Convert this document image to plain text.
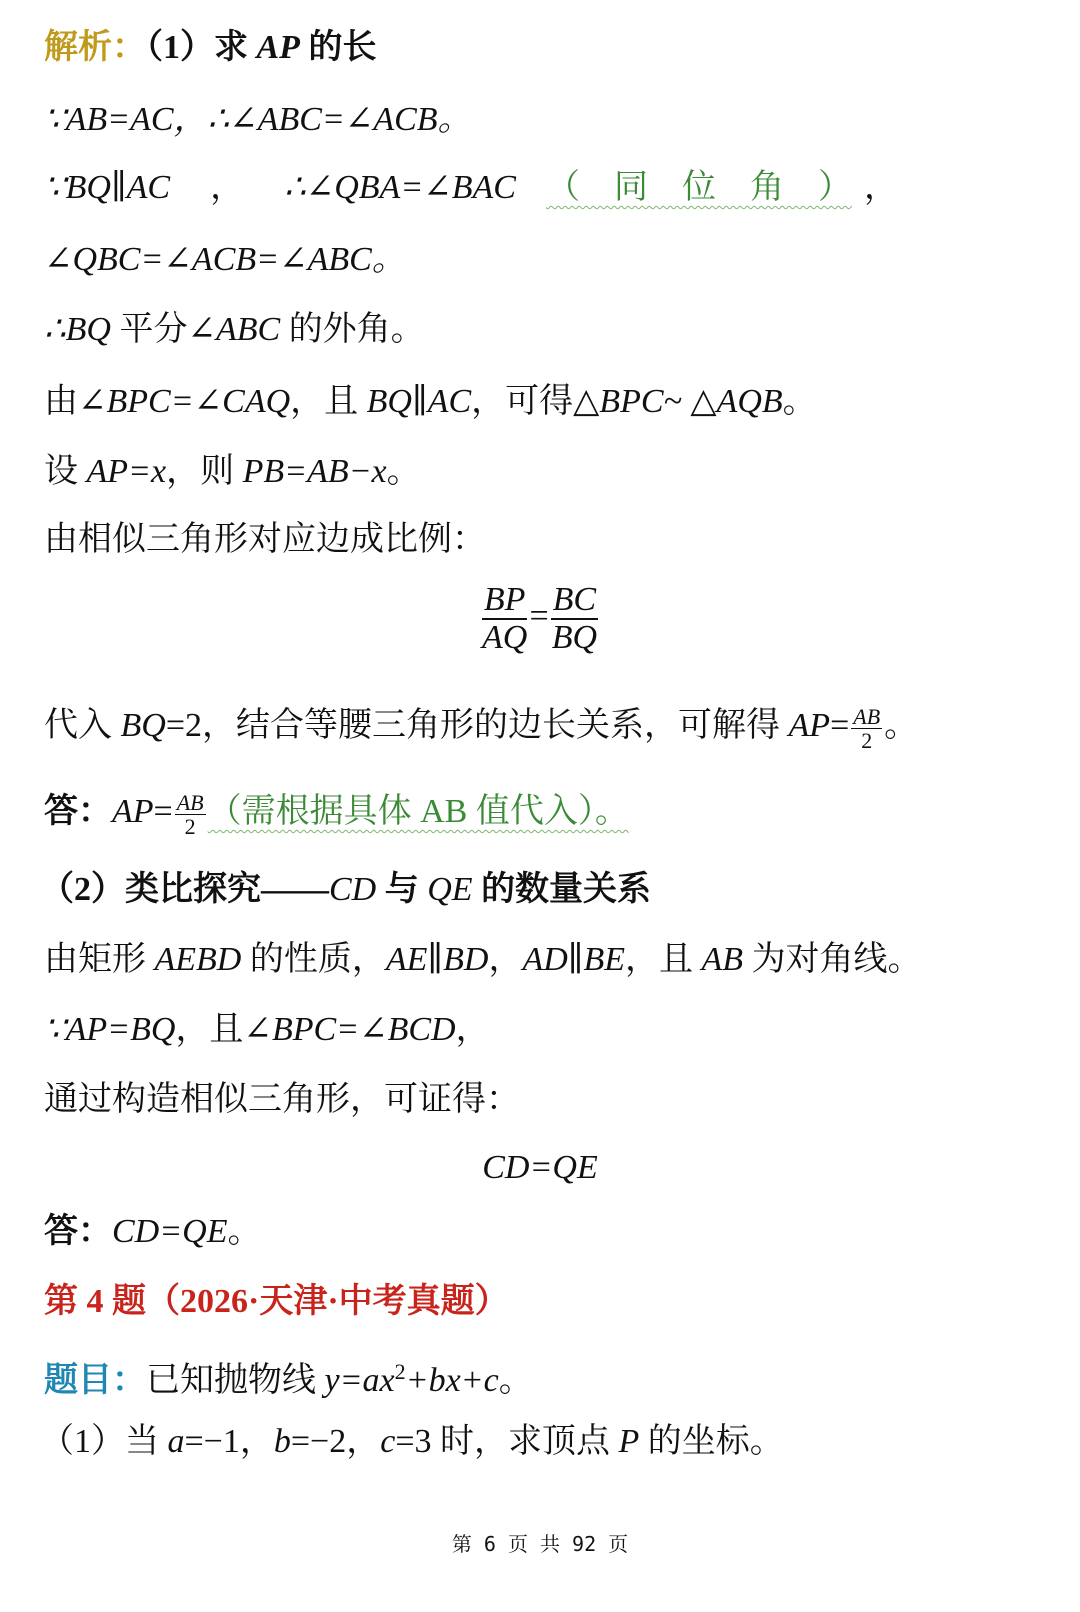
解析：（1）求 AP 的长
∵AB=AC，∴∠ABC=∠ACB。
∵BQ∥AC ， ∴∠QBA=∠BAC （　同　位　角　） ，
∠QBC=∠ACB=∠ABC。
∴BQ 平分∠ABC 的外角。
由∠BPC=∠CAQ，且 BQ∥AC，可得△BPC~ △AQB。
设 AP=x，则 PB=AB−x。
由相似三角形对应边成比例：
$\frac{BP}{AQ} = \frac{BC}{BQ}$
代入 BQ=2，结合等腰三角形的边长关系，可解得 $AP= \frac{AB}{2}$ 。
答：$AP= \frac{AB}{2}$ （需根据具体 AB 值代入）。
（2）类比探究——CD 与 QE 的数量关系
由矩形 AEBD 的性质，AE∥BD，AD∥BE，且 AB 为对角线。
∵AP=BQ，且∠BPC=∠BCD，
通过构造相似三角形，可证得：
CD=QE
答：CD=QE。
第 4 题（2026·天津·中考真题）
题目：已知抛物线 $y=ax^2+bx+c$。
（1）当 a=−1，b=−2，c=3 时，求顶点 P 的坐标。
第 6 页 共 92 页
